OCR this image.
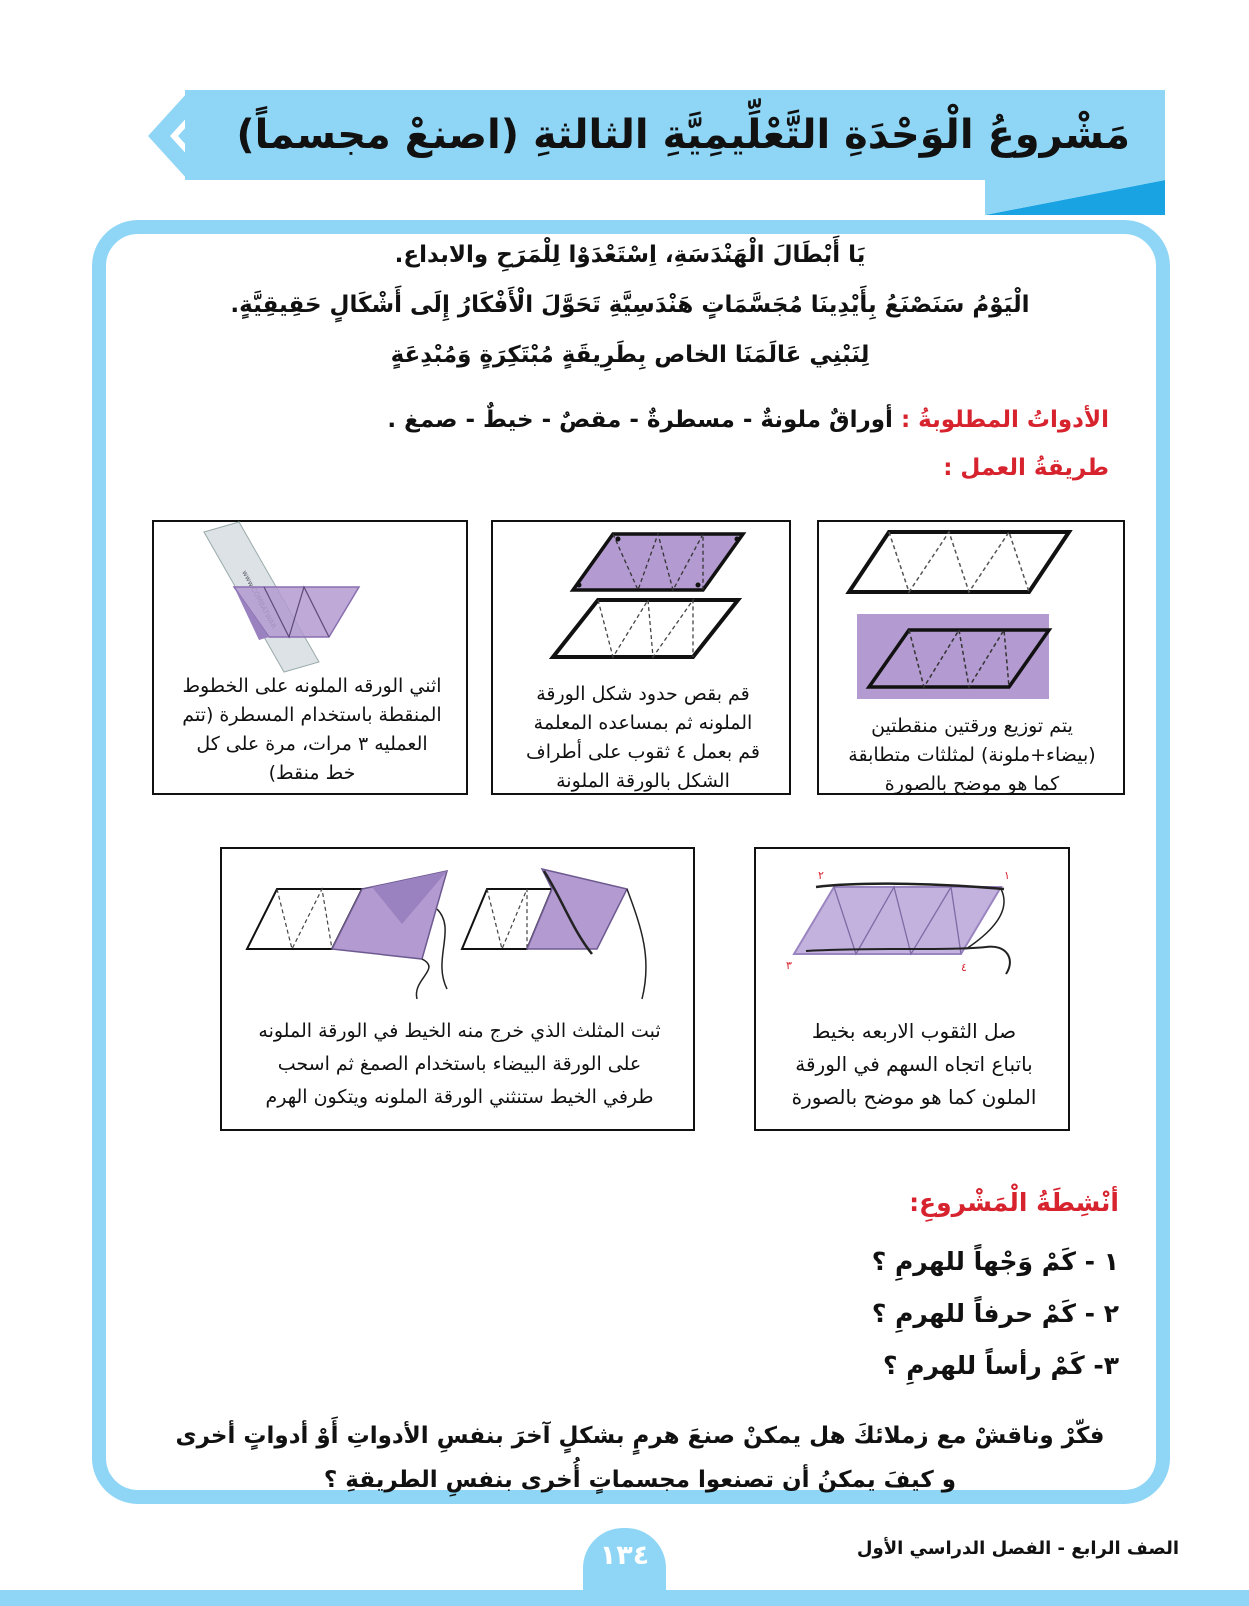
مَشْروعُ الْوَحْدَةِ التَّعْلِّيمِيَّةِ الثالثةِ (اصنعْ مجسماً)
يَا أَبْطَالَ الْهَنْدَسَةِ، اِسْتَعْدَوْا لِلْمَرَحِ والابداع.
الْيَوْمُ سَنَصْنَعُ بِأَيْدِينَا مُجَسَّمَاتٍ هَنْدَسِيَّةِ تَحَوَّلَ الْأَفْكَارُ إِلَى أَشْكَالٍ حَقِيقِيَّةٍ.
لِنَبْنِي عَالَمَنَا الخاص بِطَرِيقَةٍ مُبْتَكِرَةٍ وَمُبْدِعَةٍ
الأدواتُ المطلوبةُ : أوراقٌ ملونةٌ - مسطرةٌ - مقصٌ - خيطٌ - صمغ .
طريقةُ العمل :
يتم توزيع ورقتين منقطتين
(بيضاء+ملونة) لمثلثات متطابقة
كما هو موضح بالصورة
قم بقص حدود شكل الورقة
الملونه ثم بمساعده المعلمة
قم بعمل ٤ ثقوب على أطراف
الشكل بالورقة الملونة
اثني الورقه الملونه على الخطوط
المنقطة باستخدام المسطرة (تتم
العمليه ٣ مرات، مرة على كل
خط منقط)
٢	١
٣	٤
صل الثقوب الاربعه بخيط
باتباع اتجاه السهم في الورقة
الملون كما هو موضح بالصورة
ثبت المثلث الذي خرج منه الخيط في الورقة الملونه
على الورقة البيضاء باستخدام الصمغ ثم اسحب
طرفي الخيط ستنثني الورقة الملونه ويتكون الهرم
أنْشِطَةُ الْمَشْروعِ:
١ - كَمْ وَجْهاً للهرمِ ؟
٢ - كَمْ حرفاً للهرمِ ؟
٣- كَمْ رأساً للهرمِ ؟
فكّرْ وناقشْ مع زملائكَ هل يمكنْ صنعَ هرمٍ بشكلٍ آخرَ بنفسِ الأدواتِ أَوْ أدواتٍ أخرى
و كيفَ يمكنُ أن تصنعوا مجسماتٍ أُخرى بنفسِ الطريقةِ ؟
١٣٤	الصف الرابع - الفصل الدراسي الأول
